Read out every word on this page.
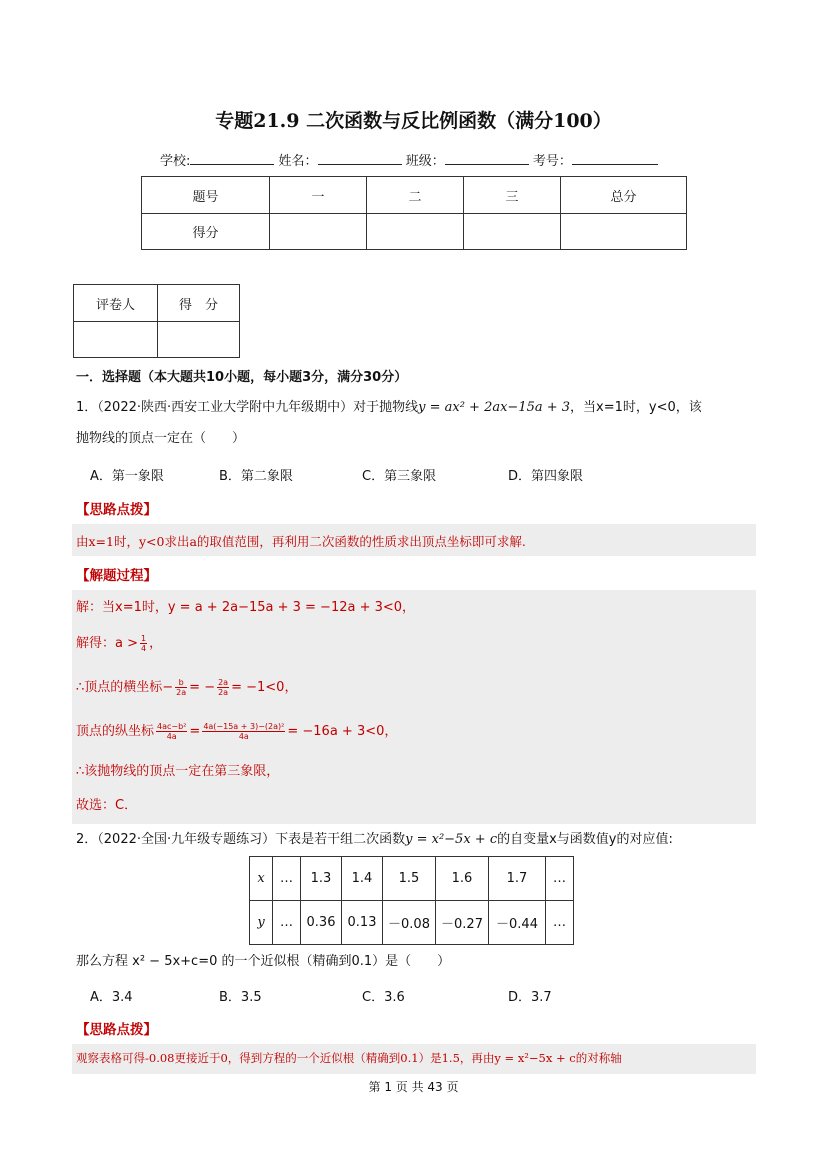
专题21.9 二次函数与反比例函数（满分100）
学校:	姓名：	班级：	考号：
题号	一	二	三	总分
得分				
评卷人	得　分

一．选择题（本大题共10小题，每小题3分，满分30分）
1．（2022·陕西·西安工业大学附中九年级期中）对于抛物线y = ax² + 2ax−15a + 3，当x=1时，y<0，该
抛物线的顶点一定在（　　）
A．第一象限	B．第二象限	C．第三象限	D．第四象限
【思路点拨】
由x=1时，y<0求出a的取值范围，再利用二次函数的性质求出顶点坐标即可求解.
【解题过程】
解：当x=1时，y = a + 2a−15a + 3 = −12a + 3<0，
解得：$a > \frac{1}{4}$ ，
∴顶点的横坐标− $\frac{b}{2a}$ = − $\frac{2a}{2a} = -1<0$，
顶点的纵坐标 $\frac{\text{4ac−b²}}{4a} = \frac{\text{4a(−15a + 3)−(2a)²}}{4a} = -16a + 3<0$，
∴该抛物线的顶点一定在第三象限，
故选：C．
2．（2022·全国·九年级专题练习）下表是若干组二次函数y = x²−5x + c的自变量x与函数值y的对应值:
x	…	1.3	1.4	1.5	1.6	1.7	…
y	…	0.36	0.13	－0.08	－0.27	－0.44	…
那么方程 x² − 5x+c=0 的一个近似根（精确到0.1）是（　　）
A．3.4	B．3.5	C．3.6	D．3.7
【思路点拨】
观察表格可得-0.08更接近于0，得到方程的一个近似根（精确到0.1）是1.5，再由y = x²−5x + c的对称轴
第 1 页 共 43 页
